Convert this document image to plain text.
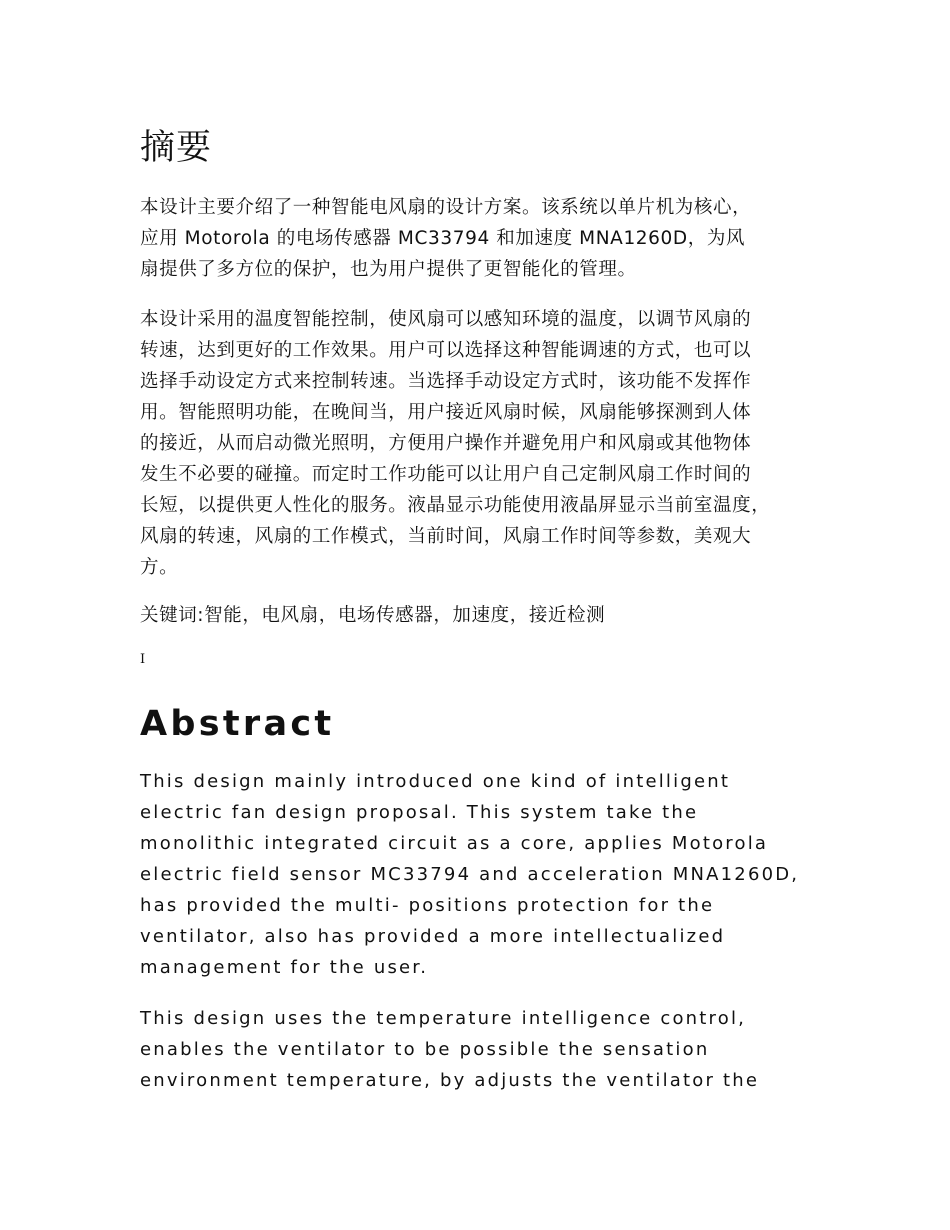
摘要

本设计主要介绍了一种智能电风扇的设计方案。该系统以单片机为核心，
应用 Motorola 的电场传感器 MC33794 和加速度 MNA1260D，为风
扇提供了多方位的保护，也为用户提供了更智能化的管理。

本设计采用的温度智能控制，使风扇可以感知环境的温度，以调节风扇的
转速，达到更好的工作效果。用户可以选择这种智能调速的方式，也可以
选择手动设定方式来控制转速。当选择手动设定方式时，该功能不发挥作
用。智能照明功能，在晚间当，用户接近风扇时候，风扇能够探测到人体
的接近，从而启动微光照明，方便用户操作并避免用户和风扇或其他物体
发生不必要的碰撞。而定时工作功能可以让用户自己定制风扇工作时间的
长短，以提供更人性化的服务。液晶显示功能使用液晶屏显示当前室温度，
风扇的转速，风扇的工作模式，当前时间，风扇工作时间等参数，美观大
方。

关键词:智能，电风扇，电场传感器，加速度，接近检测

I
Abstract

This design mainly introduced one kind of intelligent
electric fan design proposal. This system take the
monolithic integrated circuit as a core, applies Motorola
electric field sensor MC33794 and acceleration MNA1260D,
has provided the multi- positions protection for the
ventilator, also has provided a more intellectualized
management for the user.

This design uses the temperature intelligence control,
enables the ventilator to be possible the sensation
environment temperature, by adjusts the ventilator the
